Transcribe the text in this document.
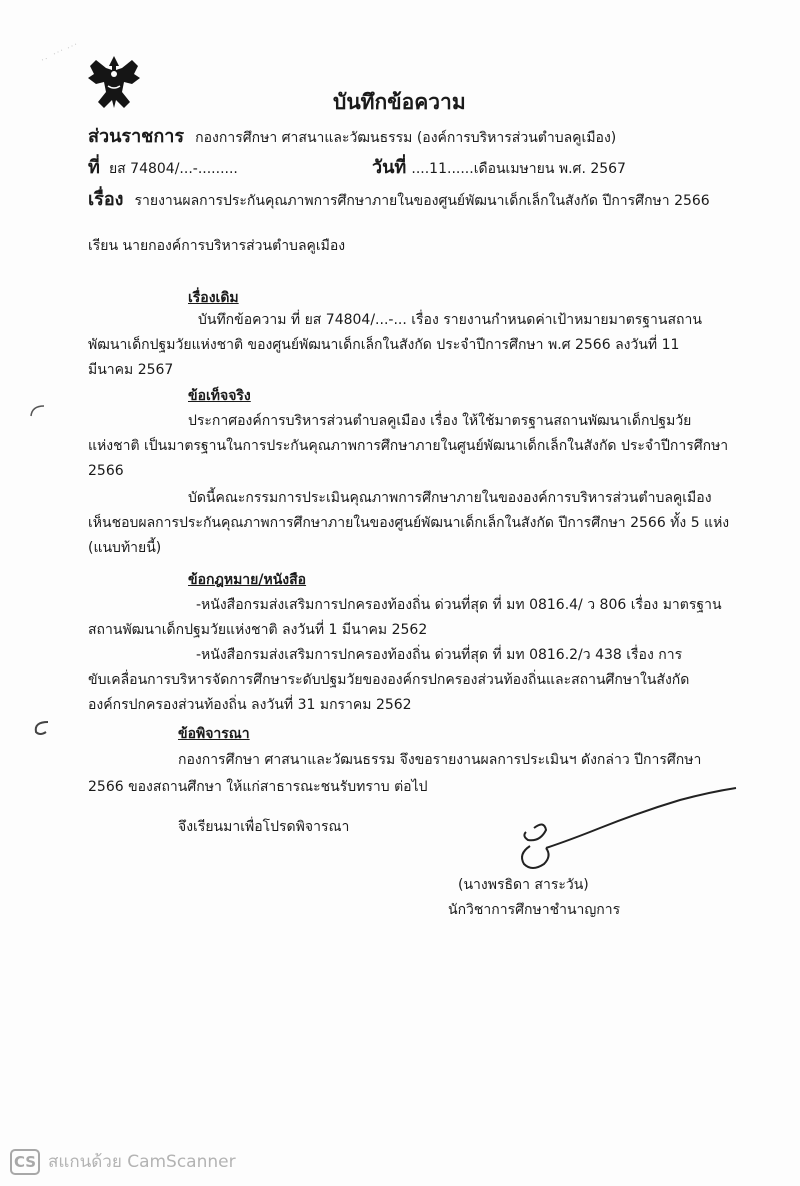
บันทึกข้อความ
ส่วนราชการ กองการศึกษา ศาสนาและวัฒนธรรม (องค์การบริหารส่วนตำบลคูเมือง)
ที่ ยส 74804/...-.........	วันที่ ....11......เดือนเมษายน พ.ศ. 2567
เรื่อง รายงานผลการประกันคุณภาพการศึกษาภายในของศูนย์พัฒนาเด็กเล็กในสังกัด ปีการศึกษา 2566
เรียน นายกองค์การบริหารส่วนตำบลคูเมือง
เรื่องเดิม
บันทึกข้อความ ที่ ยส 74804/...-... เรื่อง รายงานกำหนดค่าเป้าหมายมาตรฐานสถาน
พัฒนาเด็กปฐมวัยแห่งชาติ ของศูนย์พัฒนาเด็กเล็กในสังกัด ประจำปีการศึกษา พ.ศ 2566 ลงวันที่ 11
มีนาคม 2567
ข้อเท็จจริง
ประกาศองค์การบริหารส่วนตำบลคูเมือง เรื่อง ให้ใช้มาตรฐานสถานพัฒนาเด็กปฐมวัย
แห่งชาติ เป็นมาตรฐานในการประกันคุณภาพการศึกษาภายในศูนย์พัฒนาเด็กเล็กในสังกัด ประจำปีการศึกษา
2566
บัดนี้คณะกรรมการประเมินคุณภาพการศึกษาภายในขององค์การบริหารส่วนตำบลคูเมือง
เห็นชอบผลการประกันคุณภาพการศึกษาภายในของศูนย์พัฒนาเด็กเล็กในสังกัด ปีการศึกษา 2566 ทั้ง 5 แห่ง
(แนบท้ายนี้)
ข้อกฎหมาย/หนังสือ
-หนังสือกรมส่งเสริมการปกครองท้องถิ่น ด่วนที่สุด ที่ มท 0816.4/ ว 806 เรื่อง มาตรฐาน
สถานพัฒนาเด็กปฐมวัยแห่งชาติ ลงวันที่ 1 มีนาคม 2562
-หนังสือกรมส่งเสริมการปกครองท้องถิ่น ด่วนที่สุด ที่ มท 0816.2/ว 438 เรื่อง การ
ขับเคลื่อนการบริหารจัดการศึกษาระดับปฐมวัยขององค์กรปกครองส่วนท้องถิ่นและสถานศึกษาในสังกัด
องค์กรปกครองส่วนท้องถิ่น ลงวันที่ 31 มกราคม 2562
ข้อพิจารณา
กองการศึกษา ศาสนาและวัฒนธรรม จึงขอรายงานผลการประเมินฯ ดังกล่าว ปีการศึกษา
2566 ของสถานศึกษา ให้แก่สาธารณะชนรับทราบ ต่อไป
จึงเรียนมาเพื่อโปรดพิจารณา
(นางพรธิดา สาระวัน)
นักวิชาการศึกษาชำนาญการ
CS สแกนด้วย CamScanner
